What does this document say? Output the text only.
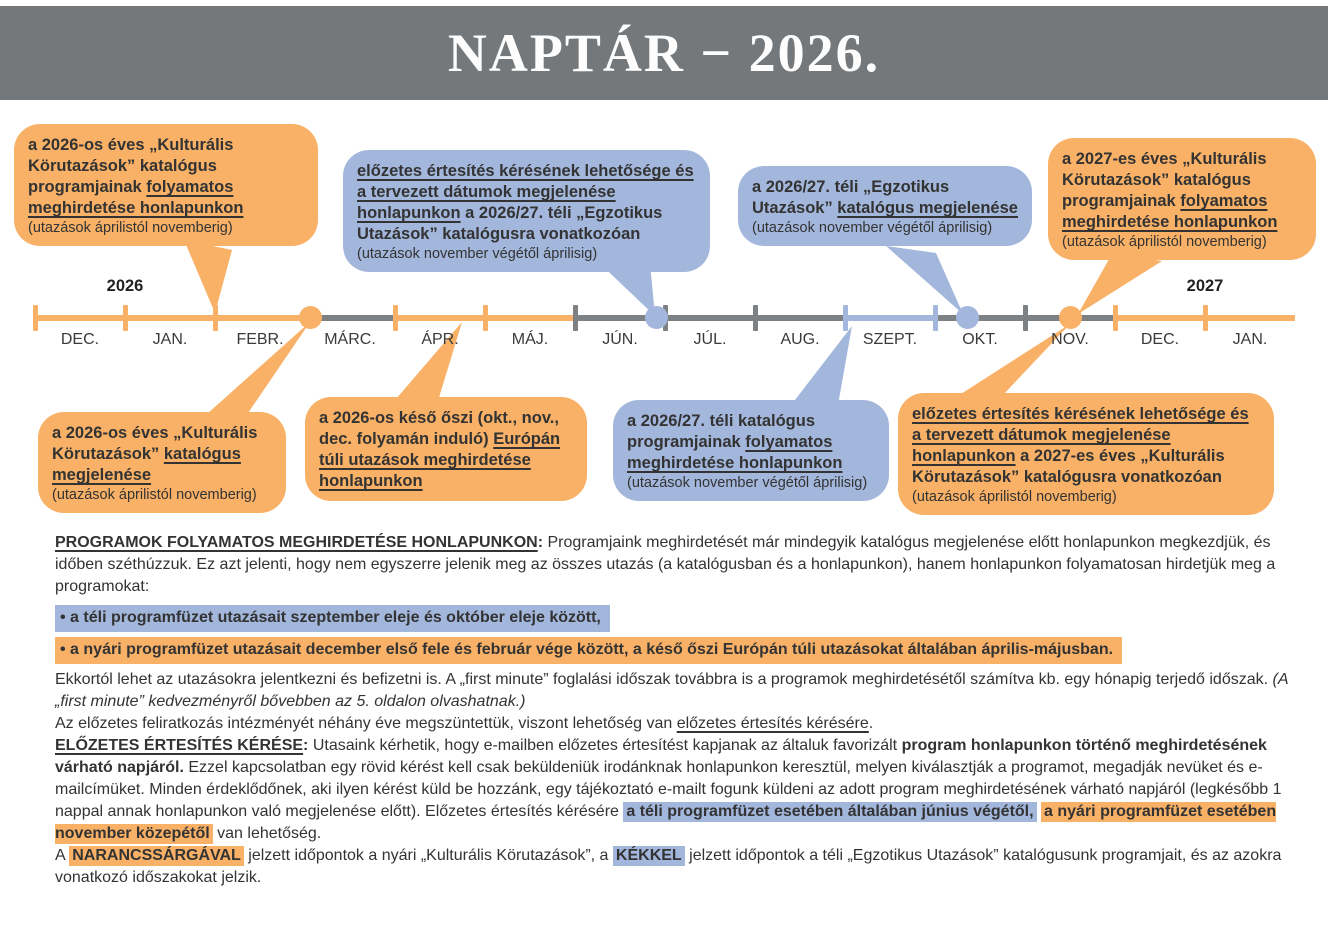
NAPTÁR − 2026.
DEC.	JAN.	FEBR.	MÁRC.	ÁPR.	MÁJ.	JÚN.	JÚL.	AUG.	SZEPT.	OKT.	NOV.	DEC.	JAN.
2026	2027

a 2026-os éves „Kulturális Körutazások” katalógus programjainak folyamatos meghirdetése honlapunkon

(utazások áprilistól novemberig)

előzetes értesítés kérésének lehetősége és a tervezett dátumok megjelenése honlapunkon a 2026/27. téli „Egzotikus Utazások” katalógusra vonatkozóan

(utazások november végétől áprilisig)

a 2026/27. téli „Egzotikus Utazások” katalógus megjelenése

(utazások november végétől áprilisig)

a 2027-es éves „Kulturális Körutazások” katalógus programjainak folyamatos meghirdetése honlapunkon

(utazások áprilistól novemberig)

a 2026-os éves „Kulturális Körutazások” katalógus megjelenése

(utazások áprilistól novemberig)

a 2026-os késő őszi (okt., nov., dec. folyamán induló) Európán túli utazások meghirdetése honlapunkon

a 2026/27. téli katalógus programjainak folyamatos meghirdetése honlapunkon

(utazások november végétől áprilisig)

előzetes értesítés kérésének lehetősége és a tervezett dátumok megjelenése honlapunkon a 2027-es éves „Kulturális Körutazások” katalógusra vonatkozóan

(utazások áprilistól novemberig)

PROGRAMOK FOLYAMATOS MEGHIRDETÉSE HONLAPUNKON: Programjaink meghirdetését már mindegyik katalógus megjelenése előtt honlapunkon megkezdjük, és időben széthúzzuk. Ez azt jelenti, hogy nem egyszerre jelenik meg az összes utazás (a katalógusban és a honlapunkon), hanem honlapunkon folyamatosan hirdetjük meg a programokat:

• a téli programfüzet utazásait szeptember eleje és október eleje között,
• a nyári programfüzet utazásait december első fele és február vége között, a késő őszi Európán túli utazásokat általában április-májusban.

Ekkortól lehet az utazásokra jelentkezni és befizetni is. A „first minute” foglalási időszak továbbra is a programok meghirdetésétől számítva kb. egy hónapig terjedő időszak. (A „first minute” kedvezményről bővebben az 5. oldalon olvashatnak.)
Az előzetes feliratkozás intézményét néhány éve megszüntettük, viszont lehetőség van előzetes értesítés kérésére.

ELŐZETES ÉRTESÍTÉS KÉRÉSE: Utasaink kérhetik, hogy e-mailben előzetes értesítést kapjanak az általuk favorizált program honlapunkon történő meghirdetésének várható napjáról. Ezzel kapcsolatban egy rövid kérést kell csak beküldeniük irodánknak honlapunkon keresztül, melyen kiválasztják a programot, megadják nevüket és e-mailcímüket. Minden érdeklődőnek, aki ilyen kérést küld be hozzánk, egy tájékoztató e-mailt fogunk küldeni az adott program meghirdetésének várható napjáról (legkésőbb 1 nappal annak honlapunkon való megjelenése előtt). Előzetes értesítés kérésére a téli programfüzet esetében általában június végétől, a nyári programfüzet esetében november közepétől van lehetőség.

A NARANCSSÁRGÁVAL jelzett időpontok a nyári „Kulturális Körutazások”, a KÉKKEL jelzett időpontok a téli „Egzotikus Utazások” katalógusunk programjait, és az azokra vonatkozó időszakokat jelzik.
